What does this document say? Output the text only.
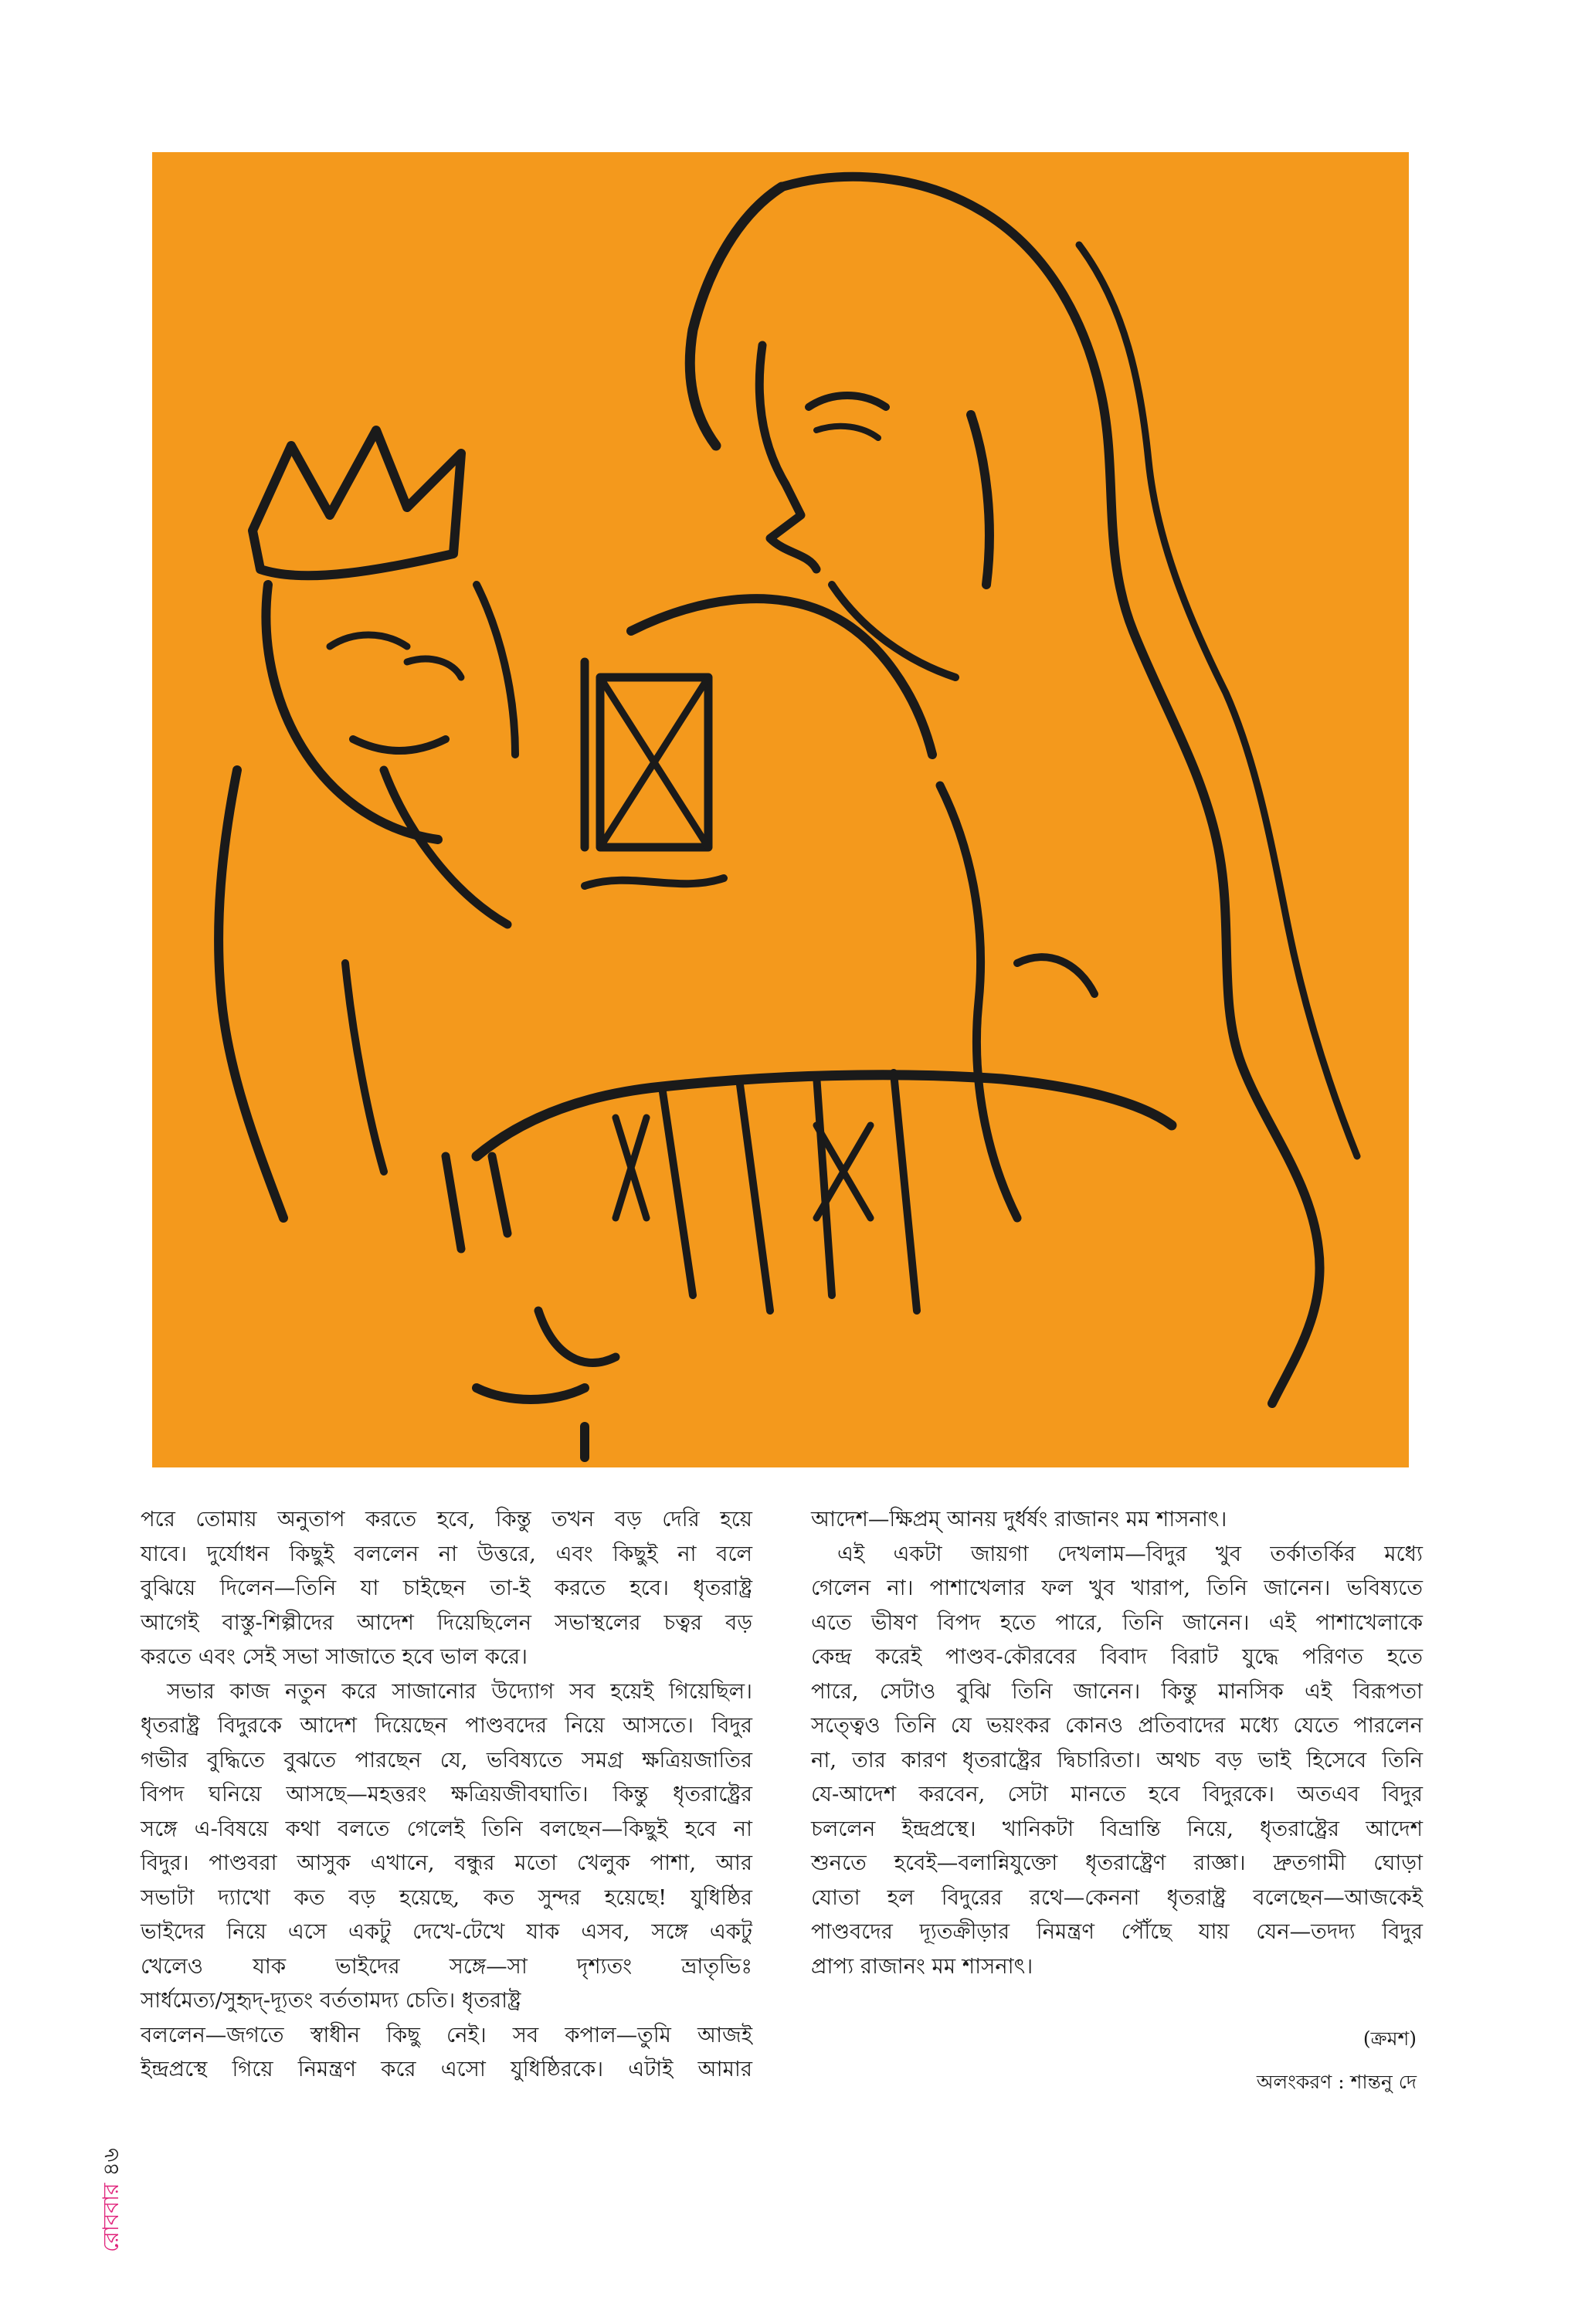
পরে তোমায় অনুতাপ করতে হবে, কিন্তু তখন বড় দেরি হয়ে
যাবে। দুর্যোধন কিছুই বললেন না উত্তরে, এবং কিছুই না বলে
বুঝিয়ে দিলেন—তিনি যা চাইছেন তা-ই করতে হবে। ধৃতরাষ্ট্র
আগেই বাস্তু-শিল্পীদের আদেশ দিয়েছিলেন সভাস্থলের চত্বর বড়
করতে এবং সেই সভা সাজাতে হবে ভাল করে।
সভার কাজ নতুন করে সাজানোর উদ্যোগ সব হয়েই গিয়েছিল।
ধৃতরাষ্ট্র বিদুরকে আদেশ দিয়েছেন পাণ্ডবদের নিয়ে আসতে। বিদুর
গভীর বুদ্ধিতে বুঝতে পারছেন যে, ভবিষ্যতে সমগ্র ক্ষত্রিয়জাতির
বিপদ ঘনিয়ে আসছে—মহত্তরং ক্ষত্রিয়জীবঘাতি। কিন্তু ধৃতরাষ্ট্রের
সঙ্গে এ-বিষয়ে কথা বলতে গেলেই তিনি বলছেন—কিছুই হবে না
বিদুর। পাণ্ডবরা আসুক এখানে, বন্ধুর মতো খেলুক পাশা, আর
সভাটা দ্যাখো কত বড় হয়েছে, কত সুন্দর হয়েছে! যুধিষ্ঠির
ভাইদের নিয়ে এসে একটু দেখে-টেখে যাক এসব, সঙ্গে একটু
খেলেও যাক ভাইদের সঙ্গে—সা দৃশ্যতং ভ্রাতৃভিঃ
সার্ধমেত্য/সুহৃদ্-দ্যূতং বর্ততামদ্য চেতি। ধৃতরাষ্ট্র
বললেন—জগতে স্বাধীন কিছু নেই। সব কপাল—তুমি আজই
ইন্দ্রপ্রস্থে গিয়ে নিমন্ত্রণ করে এসো যুধিষ্ঠিরকে। এটাই আমার
আদেশ—ক্ষিপ্রম্ আনয় দুর্ধর্ষং রাজানং মম শাসনাৎ।
এই একটা জায়গা দেখলাম—বিদুর খুব তর্কাতর্কির মধ্যে
গেলেন না। পাশাখেলার ফল খুব খারাপ, তিনি জানেন। ভবিষ্যতে
এতে ভীষণ বিপদ হতে পারে, তিনি জানেন। এই পাশাখেলাকে
কেন্দ্র করেই পাণ্ডব-কৌরবের বিবাদ বিরাট যুদ্ধে পরিণত হতে
পারে, সেটাও বুঝি তিনি জানেন। কিন্তু মানসিক এই বিরূপতা
সত্ত্বেও তিনি যে ভয়ংকর কোনও প্রতিবাদের মধ্যে যেতে পারলেন
না, তার কারণ ধৃতরাষ্ট্রের দ্বিচারিতা। অথচ বড় ভাই হিসেবে তিনি
যে-আদেশ করবেন, সেটা মানতে হবে বিদুরকে। অতএব বিদুর
চললেন ইন্দ্রপ্রস্থে। খানিকটা বিভ্রান্তি নিয়ে, ধৃতরাষ্ট্রের আদেশ
শুনতে হবেই—বলান্নিযুক্তো ধৃতরাষ্ট্রেণ রাজ্ঞা। দ্রুতগামী ঘোড়া
যোতা হল বিদুরের রথে—কেননা ধৃতরাষ্ট্র বলেছেন—আজকেই
পাণ্ডবদের দ্যূতক্রীড়ার নিমন্ত্রণ পৌঁছে যায় যেন—তদদ্য বিদুর
প্রাপ্য রাজানং মম শাসনাৎ।
(ক্রমশ)
অলংকরণ : শান্তনু দে
রোববার ৪৬
